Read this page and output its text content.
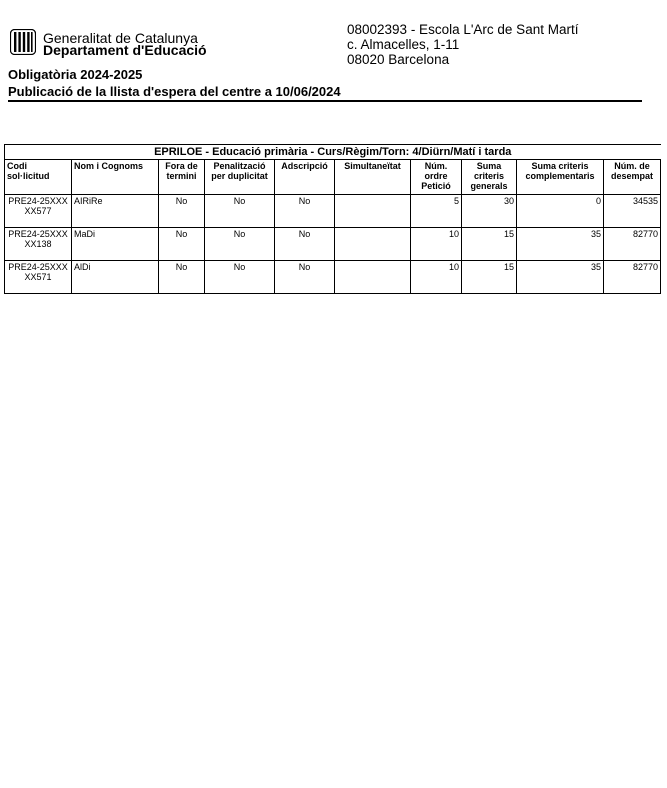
Generalitat de Catalunya
Departament d'Educació
08002393 - Escola L'Arc de Sant Martí
c. Almacelles, 1-11
08020 Barcelona
Obligatòria 2024-2025
Publicació de la llista d'espera del centre a 10/06/2024
EPRILOE - Educació primària - Curs/Règim/Torn: 4/Diürn/Matí i tarda									
Codi sol·licitud	Nom i Cognoms	Fora de termini	Penalització per duplicitat	Adscripció	Simultaneïtat	Núm. ordre Petició	Suma criteris generals	Suma criteris complementaris	Núm. de desempat
PRE24-25XXXXX577	AIRiRe	No	No	No		5	30	0	34535
PRE24-25XXXXX138	MaDi	No	No	No		10	15	35	82770
PRE24-25XXXXX571	AlDi	No	No	No		10	15	35	82770
